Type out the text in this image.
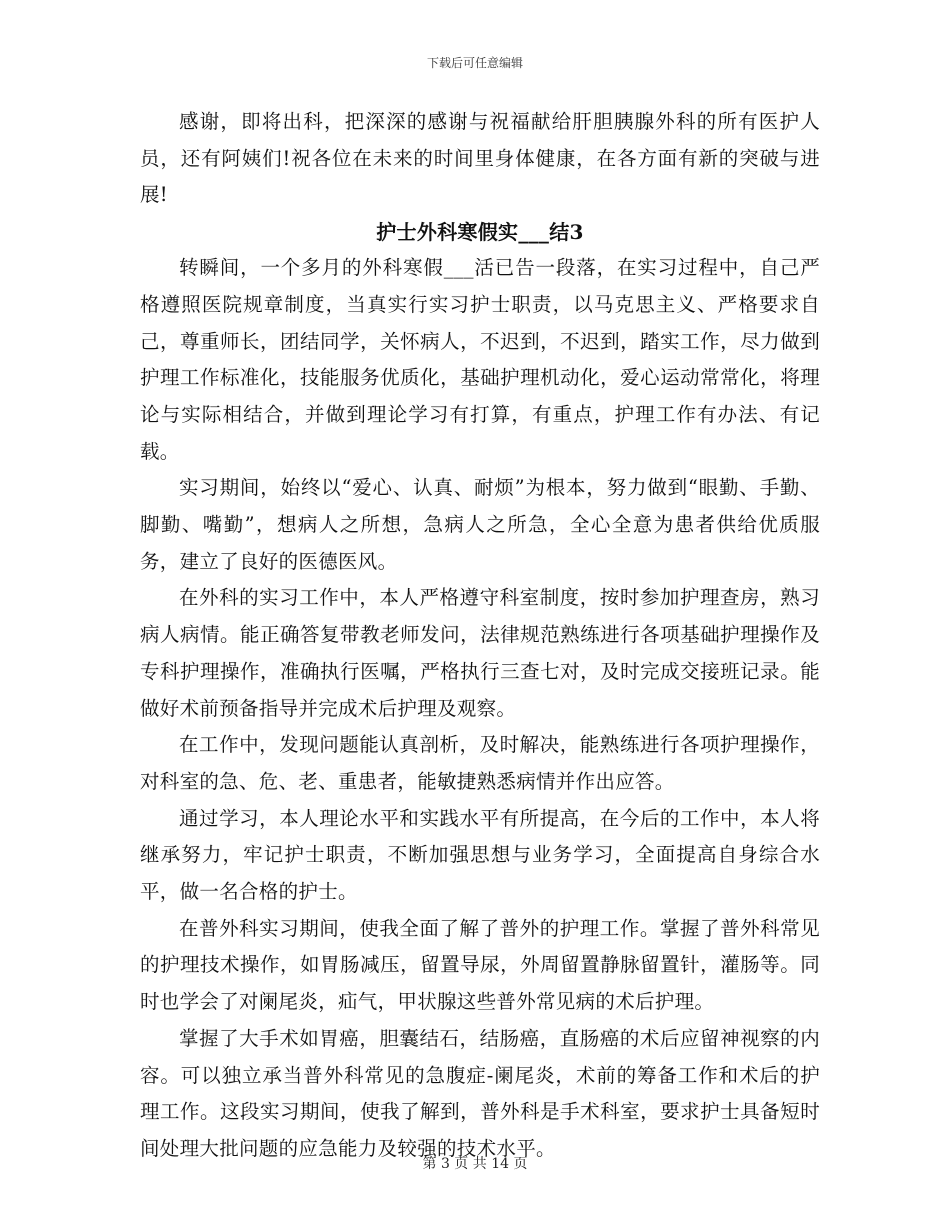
下载后可任意编辑

感谢，即将出科，把深深的感谢与祝福献给肝胆胰腺外科的所有医护人员，还有阿姨们!祝各位在未来的时间里身体健康，在各方面有新的突破与进展!

护士外科寒假实___结3

转瞬间，一个多月的外科寒假___活已告一段落，在实习过程中，自己严格遵照医院规章制度，当真实行实习护士职责，以马克思主义、严格要求自己，尊重师长，团结同学，关怀病人，不迟到，不迟到，踏实工作，尽力做到护理工作标准化，技能服务优质化，基础护理机动化，爱心运动常常化，将理论与实际相结合，并做到理论学习有打算，有重点，护理工作有办法、有记载。

实习期间，始终以“爱心、认真、耐烦”为根本，努力做到“眼勤、手勤、脚勤、嘴勤”，想病人之所想，急病人之所急，全心全意为患者供给优质服务，建立了良好的医德医风。

在外科的实习工作中，本人严格遵守科室制度，按时参加护理查房，熟习病人病情。能正确答复带教老师发问，法律规范熟练进行各项基础护理操作及专科护理操作，准确执行医嘱，严格执行三查七对，及时完成交接班记录。能做好术前预备指导并完成术后护理及观察。

在工作中，发现问题能认真剖析，及时解决，能熟练进行各项护理操作，对科室的急、危、老、重患者，能敏捷熟悉病情并作出应答。

通过学习，本人理论水平和实践水平有所提高，在今后的工作中，本人将继承努力，牢记护士职责，不断加强思想与业务学习，全面提高自身综合水平，做一名合格的护士。

在普外科实习期间，使我全面了解了普外的护理工作。掌握了普外科常见的护理技术操作，如胃肠减压，留置导尿，外周留置静脉留置针，灌肠等。同时也学会了对阑尾炎，疝气，甲状腺这些普外常见病的术后护理。

掌握了大手术如胃癌，胆囊结石，结肠癌，直肠癌的术后应留神视察的内容。可以独立承当普外科常见的急腹症-阑尾炎，术前的筹备工作和术后的护理工作。这段实习期间，使我了解到，普外科是手术科室，要求护士具备短时间处理大批问题的应急能力及较强的技术水平。

第 3 页 共 14 页
